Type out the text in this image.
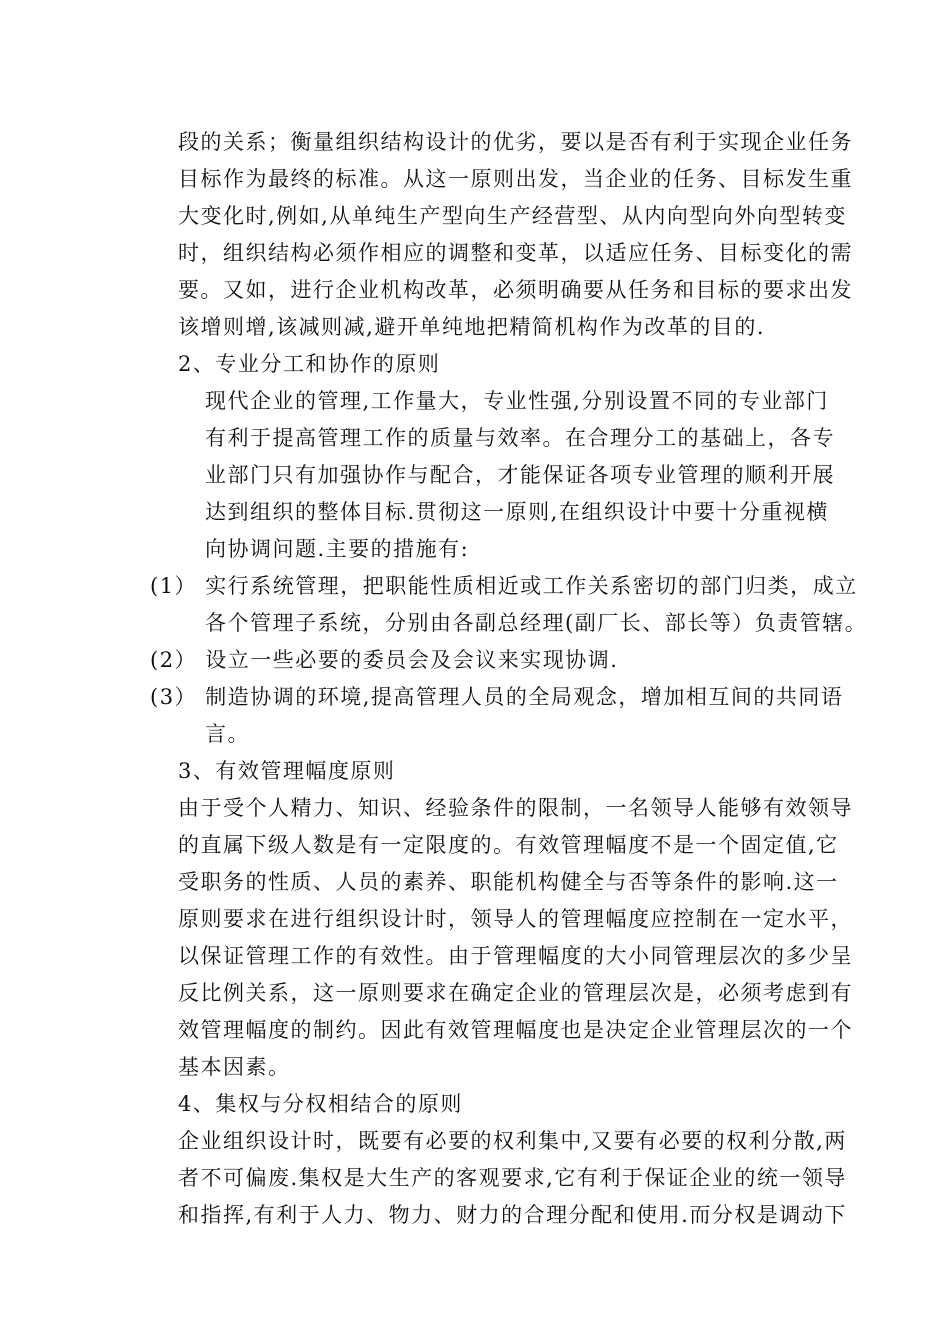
段的关系；衡量组织结构设计的优劣，要以是否有利于实现企业任务
目标作为最终的标准。从这一原则出发，当企业的任务、目标发生重
大变化时,例如,从单纯生产型向生产经营型、从内向型向外向型转变
时，组织结构必须作相应的调整和变革，以适应任务、目标变化的需
要。又如，进行企业机构改革，必须明确要从任务和目标的要求出发
该增则增,该减则减,避开单纯地把精简机构作为改革的目的.
2、专业分工和协作的原则
现代企业的管理,工作量大，专业性强,分别设置不同的专业部门
有利于提高管理工作的质量与效率。在合理分工的基础上，各专
业部门只有加强协作与配合，才能保证各项专业管理的顺利开展
达到组织的整体目标.贯彻这一原则,在组织设计中要十分重视横
向协调问题.主要的措施有:
(1） 实行系统管理，把职能性质相近或工作关系密切的部门归类，成立
各个管理子系统，分别由各副总经理(副厂长、部长等）负责管辖。
(2） 设立一些必要的委员会及会议来实现协调.
(3） 制造协调的环境,提高管理人员的全局观念，增加相互间的共同语
言。
3、有效管理幅度原则
由于受个人精力、知识、经验条件的限制，一名领导人能够有效领导
的直属下级人数是有一定限度的。有效管理幅度不是一个固定值,它
受职务的性质、人员的素养、职能机构健全与否等条件的影响.这一
原则要求在进行组织设计时，领导人的管理幅度应控制在一定水平，
以保证管理工作的有效性。由于管理幅度的大小同管理层次的多少呈
反比例关系，这一原则要求在确定企业的管理层次是，必须考虑到有
效管理幅度的制约。因此有效管理幅度也是决定企业管理层次的一个
基本因素。
4、集权与分权相结合的原则
企业组织设计时，既要有必要的权利集中,又要有必要的权利分散,两
者不可偏废.集权是大生产的客观要求,它有利于保证企业的统一领导
和指挥,有利于人力、物力、财力的合理分配和使用.而分权是调动下
